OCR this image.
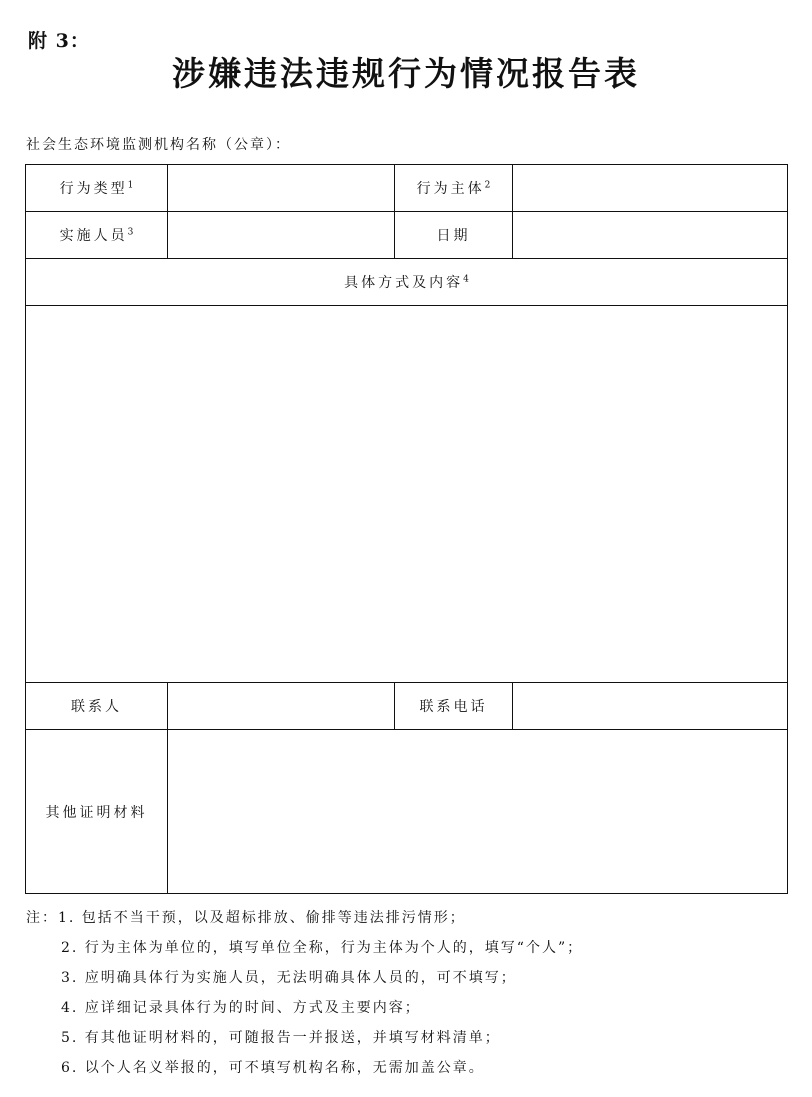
附 3：
涉嫌违法违规行为情况报告表
社会生态环境监测机构名称（公章）：
行为类型$^1$		行为主体$^2$	
实施人员$^3$		日期	
具体方式及内容$^4$

联系人		联系电话	
其他证明材料			
注：1. 包括不当干预，以及超标排放、偷排等违法排污情形；
2. 行为主体为单位的，填写单位全称，行为主体为个人的，填写“个人”；
3. 应明确具体行为实施人员，无法明确具体人员的，可不填写；
4. 应详细记录具体行为的时间、方式及主要内容；
5. 有其他证明材料的，可随报告一并报送，并填写材料清单；
6. 以个人名义举报的，可不填写机构名称，无需加盖公章。
